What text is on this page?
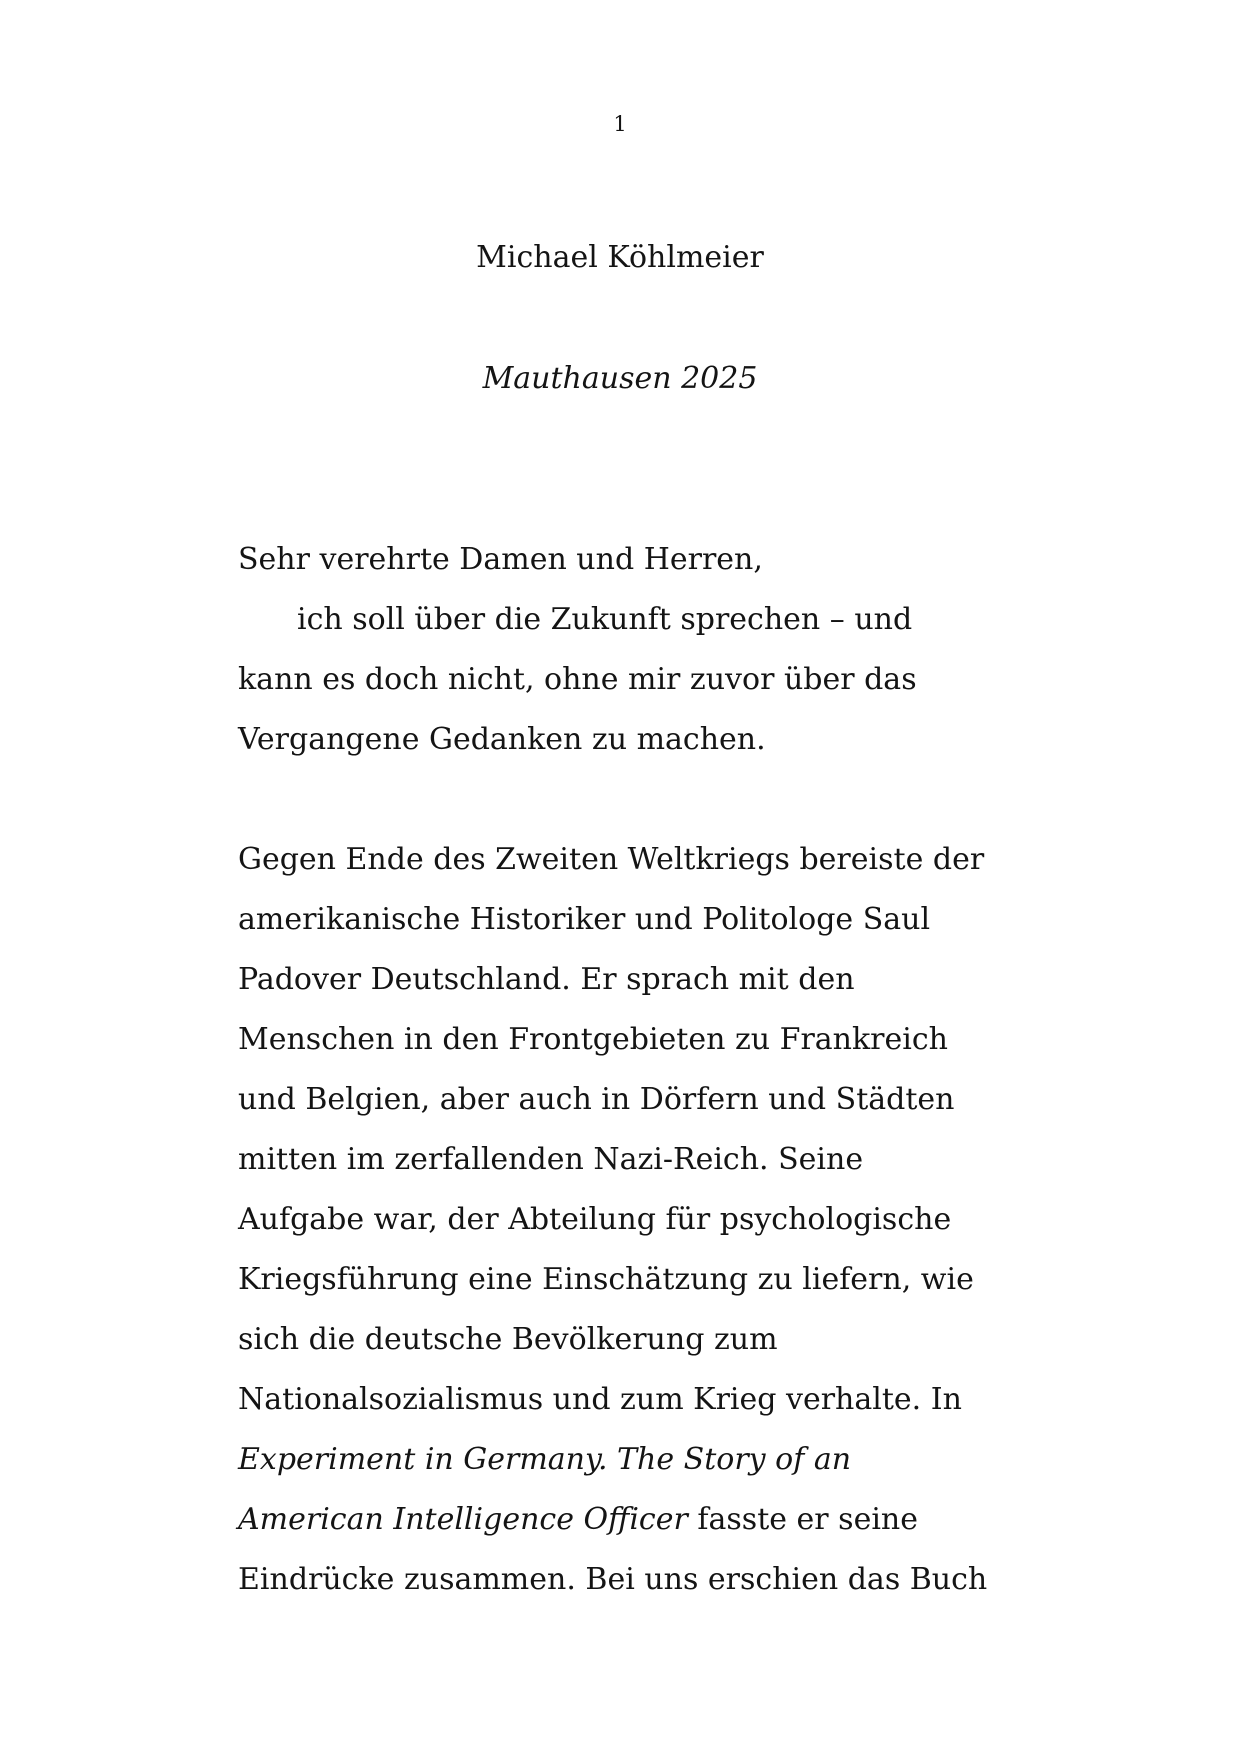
1
Michael Köhlmeier
Mauthausen 2025
Sehr verehrte Damen und Herren,
ich soll über die Zukunft sprechen – und
kann es doch nicht, ohne mir zuvor über das
Vergangene Gedanken zu machen.
Gegen Ende des Zweiten Weltkriegs bereiste der
amerikanische Historiker und Politologe Saul
Padover Deutschland. Er sprach mit den
Menschen in den Frontgebieten zu Frankreich
und Belgien, aber auch in Dörfern und Städten
mitten im zerfallenden Nazi-Reich. Seine
Aufgabe war, der Abteilung für psychologische
Kriegsführung eine Einschätzung zu liefern, wie
sich die deutsche Bevölkerung zum
Nationalsozialismus und zum Krieg verhalte. In
Experiment in Germany. The Story of an
American Intelligence Officer fasste er seine
Eindrücke zusammen. Bei uns erschien das Buch
